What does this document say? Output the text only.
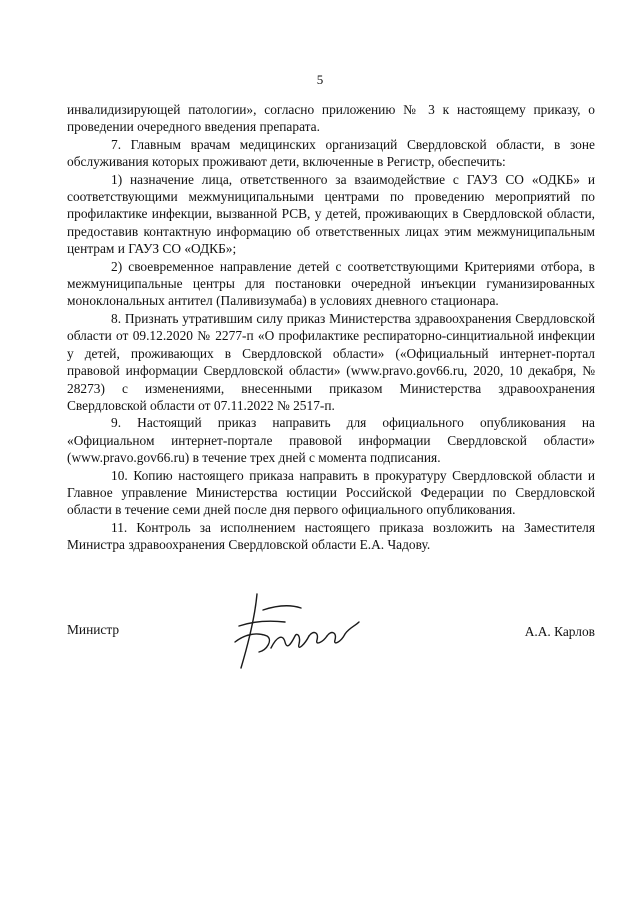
5

инвалидизирующей патологии», согласно приложению № 3 к настоящему приказу, о проведении очередного введения препарата.

7. Главным врачам медицинских организаций Свердловской области, в зоне обслуживания которых проживают дети, включенные в Регистр, обеспечить:

1) назначение лица, ответственного за взаимодействие с ГАУЗ СО «ОДКБ» и соответствующими межмуниципальными центрами по проведению мероприятий по профилактике инфекции, вызванной РСВ, у детей, проживающих в Свердловской области, предоставив контактную информацию об ответственных лицах этим межмуниципальным центрам и ГАУЗ СО «ОДКБ»;

2) своевременное направление детей с соответствующими Критериями отбора, в межмуниципальные центры для постановки очередной инъекции гуманизированных моноклональных антител (Паливизумаба) в условиях дневного стационара.

8. Признать утратившим силу приказ Министерства здравоохранения Свердловской области от 09.12.2020 № 2277-п «О профилактике респираторно-синцитиальной инфекции у детей, проживающих в Свердловской области» («Официальный интернет-портал правовой информации Свердловской области» (www.pravo.gov66.ru, 2020, 10 декабря, № 28273) с изменениями, внесенными приказом Министерства здравоохранения Свердловской области от 07.11.2022 № 2517-п.

9. Настоящий приказ направить для официального опубликования на «Официальном интернет-портале правовой информации Свердловской области» (www.pravo.gov66.ru) в течение трех дней с момента подписания.

10. Копию настоящего приказа направить в прокуратуру Свердловской области и Главное управление Министерства юстиции Российской Федерации по Свердловской области в течение семи дней после дня первого официального опубликования.

11. Контроль за исполнением настоящего приказа возложить на Заместителя Министра здравоохранения Свердловской области Е.А. Чадову.

Министр	А.А. Карлов
